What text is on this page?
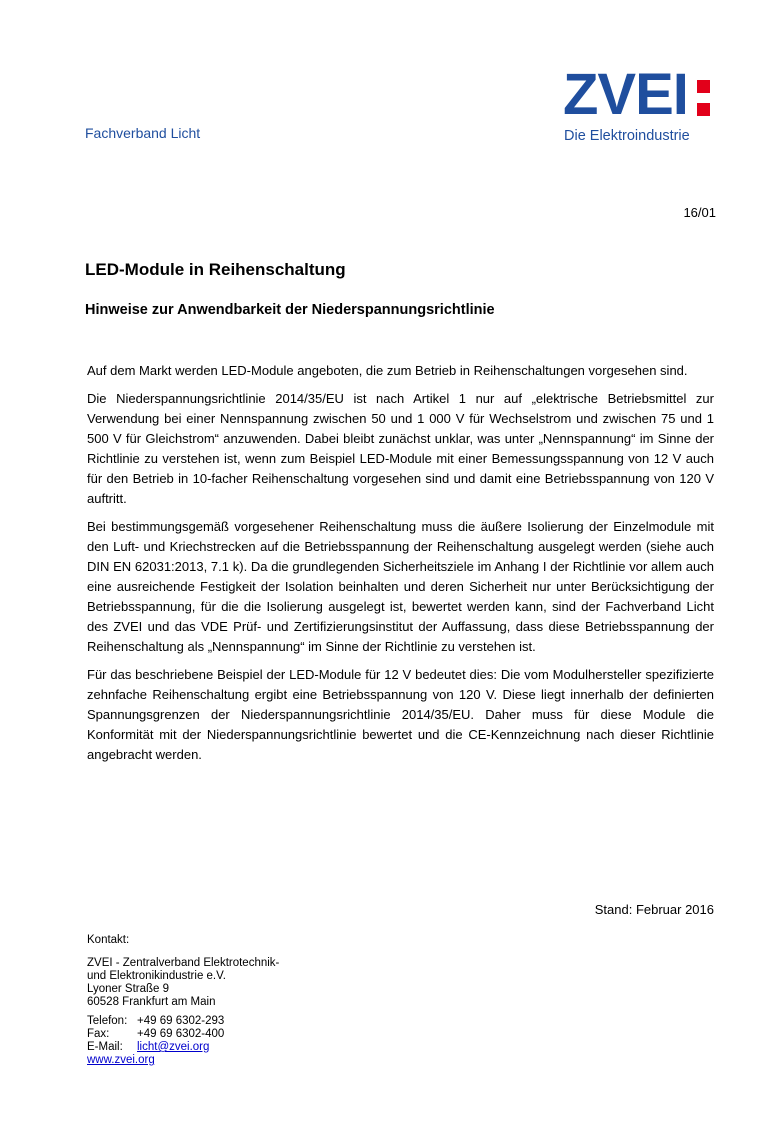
Fachverband Licht
ZVEI
Die Elektroindustrie
16/01
LED-Module in Reihenschaltung
Hinweise zur Anwendbarkeit der Niederspannungsrichtlinie

Auf dem Markt werden LED-Module angeboten, die zum Betrieb in Reihenschaltungen vorgesehen sind.

Die Niederspannungsrichtlinie 2014/35/EU ist nach Artikel 1 nur auf „elektrische Betriebsmittel zur Verwendung bei einer Nennspannung zwischen 50 und 1 000 V für Wechselstrom und zwischen 75 und 1 500 V für Gleichstrom“ anzuwenden. Dabei bleibt zunächst unklar, was unter „Nennspannung“ im Sinne der Richtlinie zu verstehen ist, wenn zum Beispiel LED-Module mit einer Bemessungsspannung von 12 V auch für den Betrieb in 10-facher Reihenschaltung vorgesehen sind und damit eine Betriebsspannung von 120 V auftritt.

Bei bestimmungsgemäß vorgesehener Reihenschaltung muss die äußere Isolierung der Einzelmodule mit den Luft- und Kriechstrecken auf die Betriebsspannung der Reihenschaltung ausgelegt werden (siehe auch DIN EN 62031:2013, 7.1 k). Da die grundlegenden Sicherheitsziele im Anhang I der Richtlinie vor allem auch eine ausreichende Festigkeit der Isolation beinhalten und deren Sicherheit nur unter Berücksichtigung der Betriebsspannung, für die die Isolierung ausgelegt ist, bewertet werden kann, sind der Fachverband Licht des ZVEI und das VDE Prüf- und Zertifizierungsinstitut der Auffassung, dass diese Betriebsspannung der Reihenschaltung als „Nennspannung“ im Sinne der Richtlinie zu verstehen ist.

Für das beschriebene Beispiel der LED-Module für 12 V bedeutet dies: Die vom Modulhersteller spezifizierte zehnfache Reihenschaltung ergibt eine Betriebsspannung von 120 V. Diese liegt innerhalb der definierten Spannungsgrenzen der Niederspannungsrichtlinie 2014/35/EU. Daher muss für diese Module die Konformität mit der Niederspannungsrichtlinie bewertet und die CE-Kennzeichnung nach dieser Richtlinie angebracht werden.

Stand: Februar 2016
Kontakt:
ZVEI - Zentralverband Elektrotechnik-
und Elektronikindustrie e.V.
Lyoner Straße 9
60528 Frankfurt am Main
Telefon: +49 69 6302-293
Fax: +49 69 6302-400
E-Mail: licht@zvei.org
www.zvei.org
